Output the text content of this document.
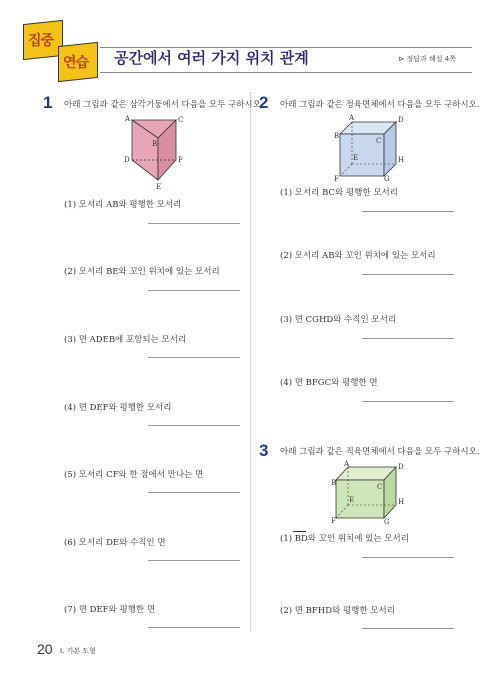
집중
연습 공간에서 여러 가지 위치 관계	⊳ 정답과 해설 4쪽
1 아래 그림과 같은 삼각기둥에서 다음을 모두 구하시오.
A	C
B
D	F
E
(1) 모서리 AB와 평행한 모서리
(2) 모서리 BE와 꼬인 위치에 있는 모서리
(3) 면 ADEB에 포함되는 모서리
(4) 면 DEF와 평행한 모서리
(5) 모서리 CF와 한 점에서 만나는 면
(6) 모서리 DE와 수직인 면
(7) 면 DEF와 평행한 면
2 아래 그림과 같은 정육면체에서 다음을 모두 구하시오.
A	D
B
C
E	H
F	G
(1) 모서리 BC와 평행한 모서리
(2) 모서리 AB와 꼬인 위치에 있는 모서리
(3) 면 CGHD와 수직인 모서리
(4) 면 BFGC와 평행한 면
3 아래 그림과 같은 직육면체에서 다음을 모두 구하시오.
A	D
B	C
E	H
F	G
(1) BD와 꼬인 위치에 있는 모서리
(2) 면 BFHD와 평행한 모서리
20 Ⅰ. 기본 도형
